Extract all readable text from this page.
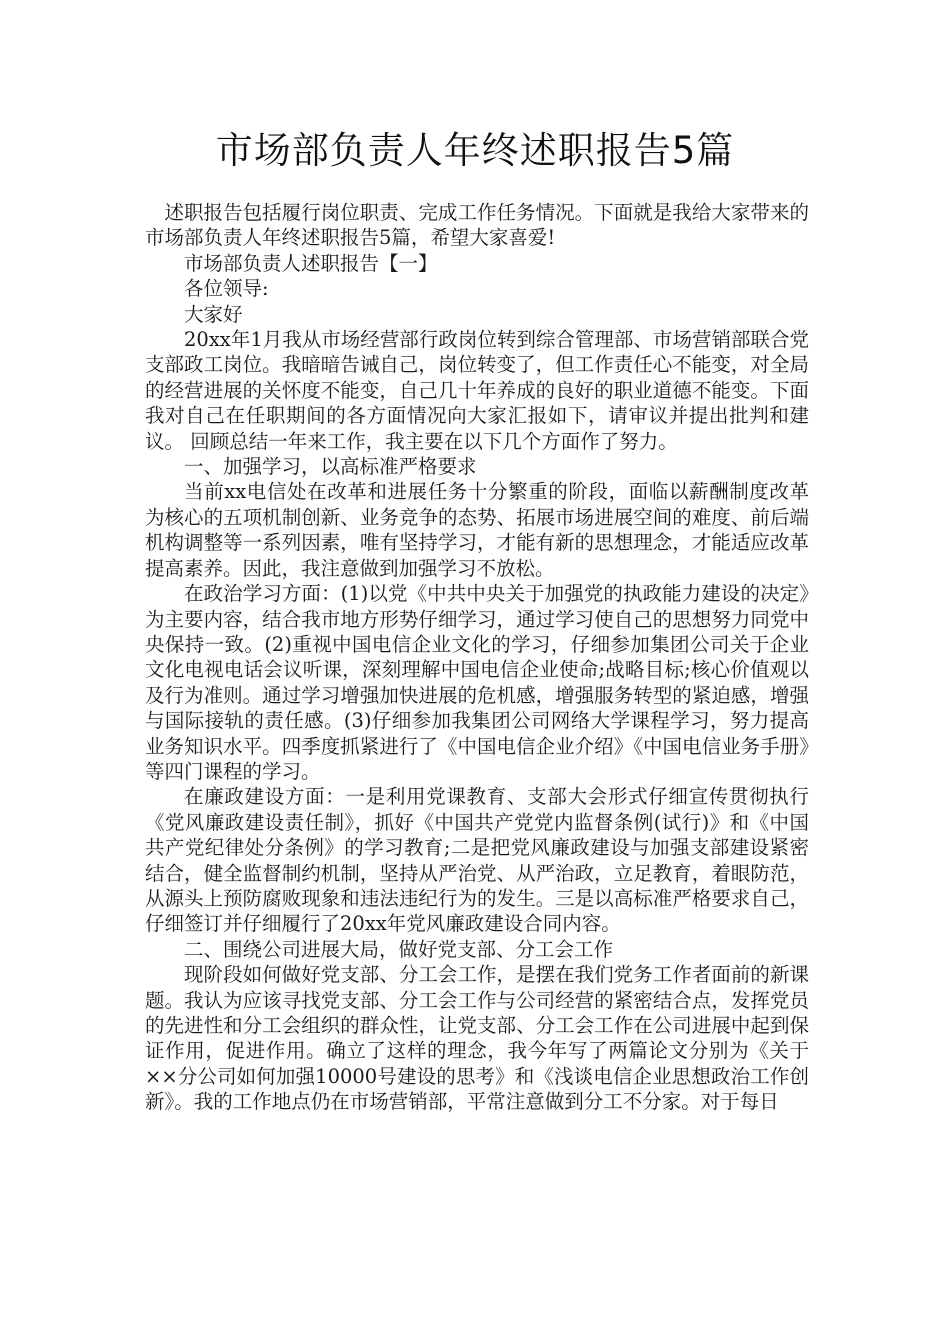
市场部负责人年终述职报告5篇

述职报告包括履行岗位职责、完成工作任务情况。下面就是我给大家带来的市场部负责人年终述职报告5篇，希望大家喜爱!

市场部负责人述职报告【一】

各位领导:

大家好

20xx年1月我从市场经营部行政岗位转到综合管理部、市场营销部联合党支部政工岗位。我暗暗告诫自己，岗位转变了，但工作责任心不能变，对全局的经营进展的关怀度不能变，自己几十年养成的良好的职业道德不能变。下面我对自己在任职期间的各方面情况向大家汇报如下，请审议并提出批判和建议。 回顾总结一年来工作，我主要在以下几个方面作了努力。

一、加强学习，以高标准严格要求

当前xx电信处在改革和进展任务十分繁重的阶段，面临以薪酬制度改革为核心的五项机制创新、业务竞争的态势、拓展市场进展空间的难度、前后端机构调整等一系列因素，唯有坚持学习，才能有新的思想理念，才能适应改革提高素养。因此，我注意做到加强学习不放松。

在政治学习方面：(1)以党《中共中央关于加强党的执政能力建设的决定》为主要内容，结合我市地方形势仔细学习，通过学习使自己的思想努力同党中央保持一致。(2)重视中国电信企业文化的学习，仔细参加集团公司关于企业文化电视电话会议听课，深刻理解中国电信企业使命;战略目标;核心价值观以及行为准则。通过学习增强加快进展的危机感，增强服务转型的紧迫感，增强与国际接轨的责任感。(3)仔细参加我集团公司网络大学课程学习，努力提高业务知识水平。四季度抓紧进行了《中国电信企业介绍》《中国电信业务手册》等四门课程的学习。

在廉政建设方面：一是利用党课教育、支部大会形式仔细宣传贯彻执行《党风廉政建设责任制》，抓好《中国共产党党内监督条例(试行)》和《中国共产党纪律处分条例》的学习教育;二是把党风廉政建设与加强支部建设紧密结合，健全监督制约机制，坚持从严治党、从严治政，立足教育，着眼防范，从源头上预防腐败现象和违法违纪行为的发生。三是以高标准严格要求自己，仔细签订并仔细履行了20xx年党风廉政建设合同内容。

二、围绕公司进展大局，做好党支部、分工会工作

现阶段如何做好党支部、分工会工作，是摆在我们党务工作者面前的新课题。我认为应该寻找党支部、分工会工作与公司经营的紧密结合点，发挥党员的先进性和分工会组织的群众性，让党支部、分工会工作在公司进展中起到保证作用，促进作用。确立了这样的理念，我今年写了两篇论文分别为《关于××分公司如何加强10000号建设的思考》和《浅谈电信企业思想政治工作创新》。我的工作地点仍在市场营销部，平常注意做到分工不分家。对于每日
